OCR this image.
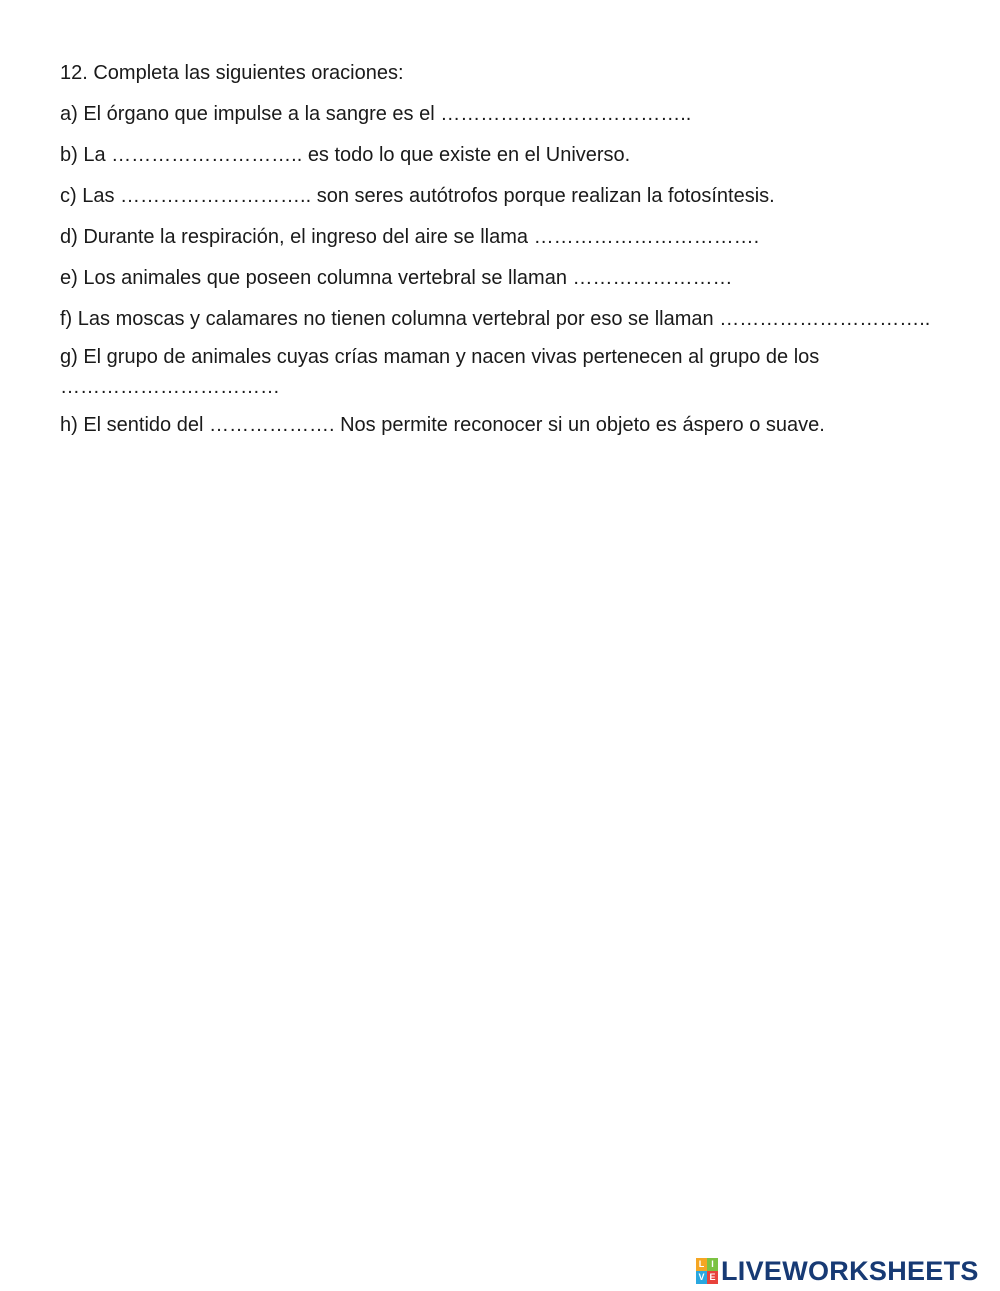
12. Completa las siguientes oraciones:

a) El órgano que impulse a la sangre es el ………………………………..

b) La ……………………….. es todo lo que existe en el Universo.

c) Las ……………………….. son seres autótrofos porque realizan la fotosíntesis.

d) Durante la respiración, el ingreso del aire se llama …………………………….

e) Los animales que poseen columna vertebral se llaman ……………………

f) Las moscas y calamares no tienen columna vertebral por eso se llaman …………………………..

g) El grupo de animales cuyas crías maman y nacen vivas pertenecen al grupo de los ……………………………

h) El sentido del ………………. Nos permite reconocer si un objeto es áspero o suave.

L I
V E LIVEWORKSHEETS
